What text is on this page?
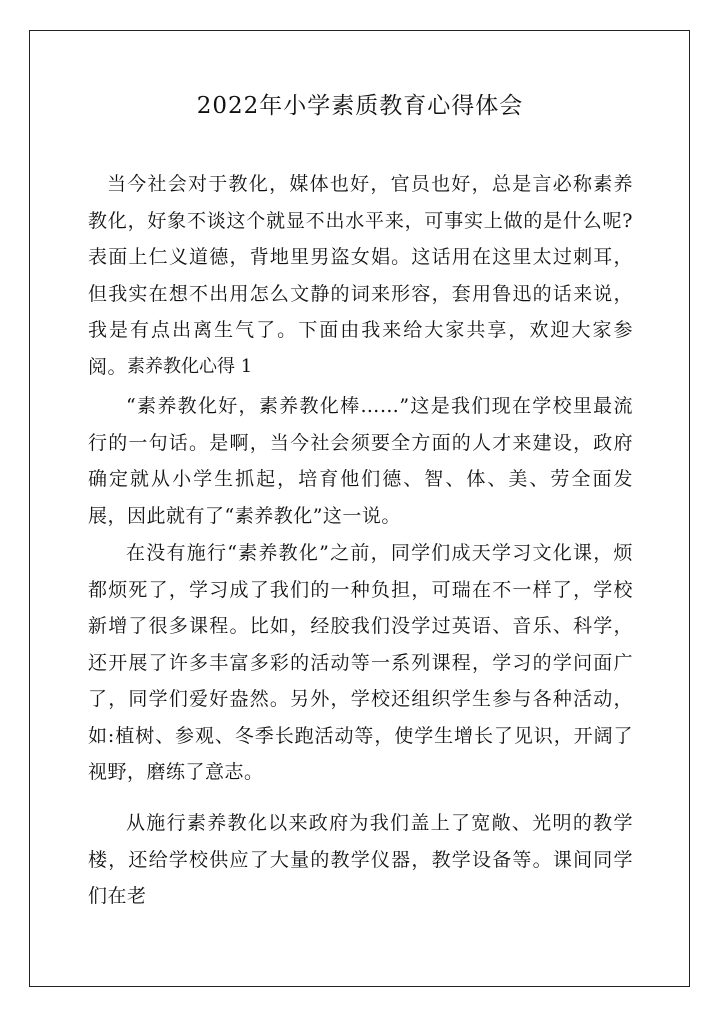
2022年小学素质教育心得体会

当今社会对于教化，媒体也好，官员也好，总是言必称素养教化，好象不谈这个就显不出水平来，可事实上做的是什么呢?表面上仁义道德，背地里男盗女娼。这话用在这里太过刺耳，但我实在想不出用怎么文静的词来形容，套用鲁迅的话来说，我是有点出离生气了。下面由我来给大家共享，欢迎大家参阅。 素养教化心得 1

“素养教化好，素养教化棒……”这是我们现在学校里最流行的一句话。是啊，当今社会须要全方面的人才来建设，政府确定就从小学生抓起，培育他们德、智、体、美、劳全面发展，因此就有了“素养教化”这一说。

在没有施行“素养教化”之前，同学们成天学习文化课，烦都烦死了，学习成了我们的一种负担，可瑞在不一样了，学校新增了很多课程。比如，经胶我们没学过英语、音乐、科学，还开展了许多丰富多彩的活动等一系列课程，学习的学问面广了，同学们爱好盎然。另外，学校还组织学生参与各种活动，如:植树、参观、冬季长跑活动等，使学生增长了见识，开阔了视野，磨练了意志。

从施行素养教化以来政府为我们盖上了宽敞、光明的教学楼，还给学校供应了大量的教学仪器，教学设备等。课间同学们在老
